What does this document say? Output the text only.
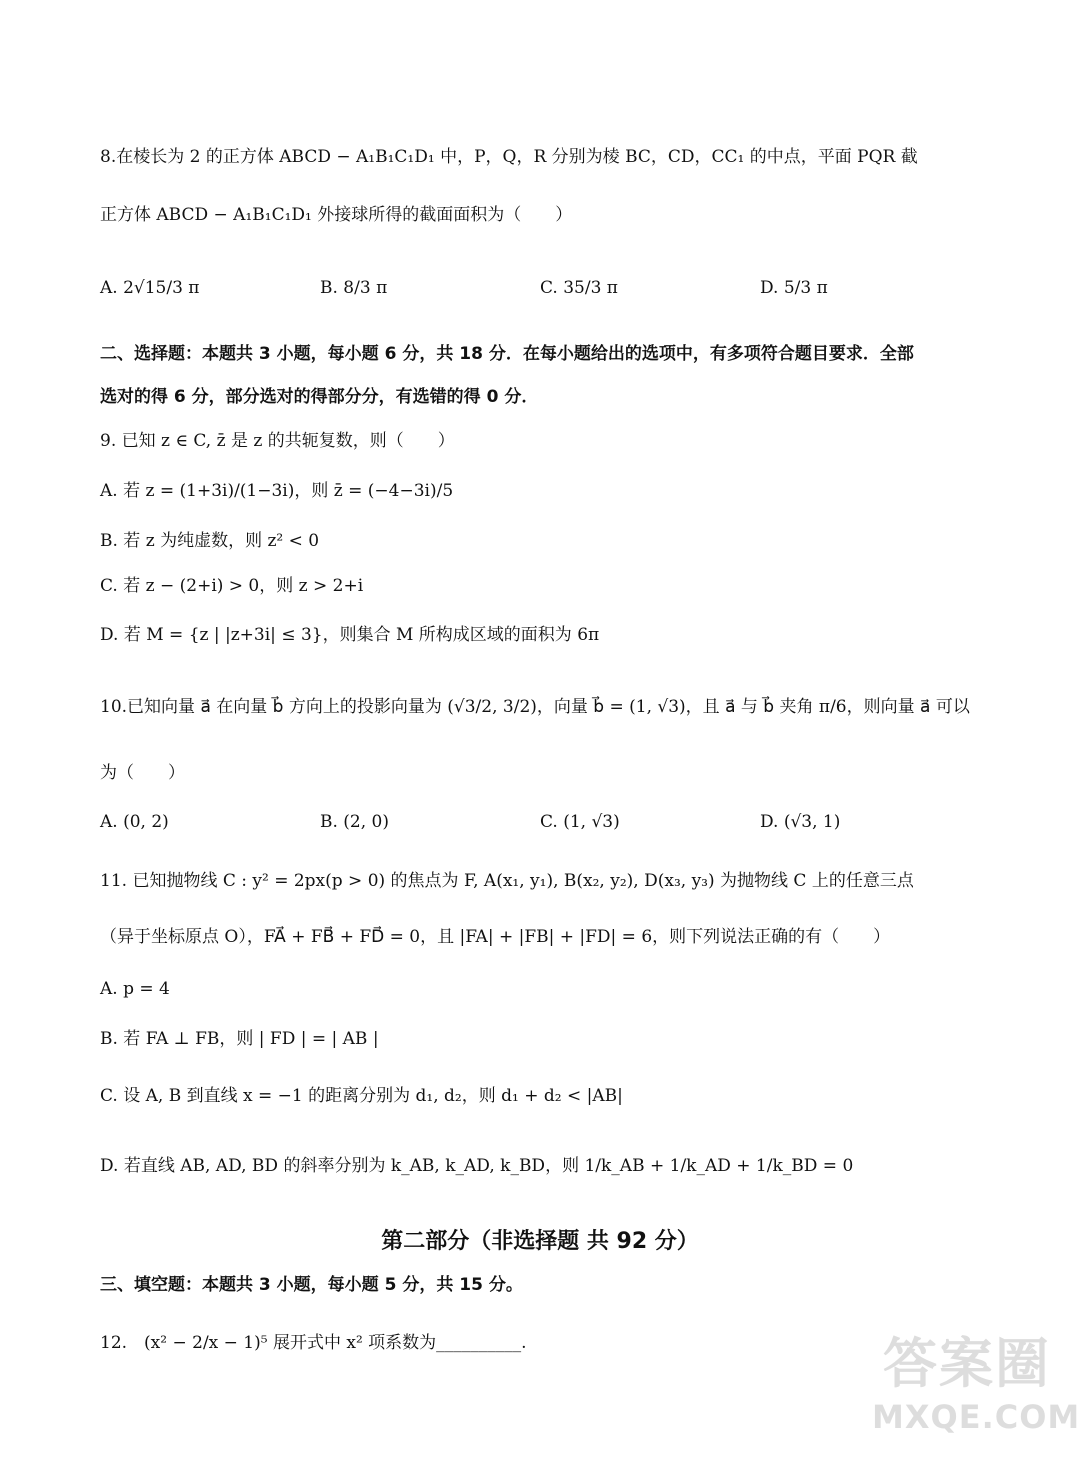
8.在棱长为 2 的正方体 ABCD − A₁B₁C₁D₁ 中，P，Q，R 分别为棱 BC，CD，CC₁ 的中点，平面 PQR 截
正方体 ABCD − A₁B₁C₁D₁ 外接球所得的截面面积为（　　）
A. 2√15/3 π	B. 8/3 π	C. 35/3 π	D. 5/3 π
二、选择题：本题共 3 小题，每小题 6 分，共 18 分．在每小题给出的选项中，有多项符合题目要求．全部
选对的得 6 分，部分选对的得部分分，有选错的得 0 分．
9. 已知 z ∈ C, z̄ 是 z 的共轭复数，则（　　）
A. 若 z = (1+3i)/(1−3i)，则 z̄ = (−4−3i)/5
B. 若 z 为纯虚数，则 z² < 0
C. 若 z − (2+i) > 0，则 z > 2+i
D. 若 M = {z | |z+3i| ≤ 3}，则集合 M 所构成区域的面积为 6π
10.已知向量 a⃗ 在向量 b⃗ 方向上的投影向量为 (√3/2, 3/2)，向量 b⃗ = (1, √3)，且 a⃗ 与 b⃗ 夹角 π/6，则向量 a⃗ 可以
为（　　）
A. (0, 2)	B. (2, 0)	C. (1, √3)	D. (√3, 1)
11. 已知抛物线 C : y² = 2px(p > 0) 的焦点为 F, A(x₁, y₁), B(x₂, y₂), D(x₃, y₃) 为抛物线 C 上的任意三点
（异于坐标原点 O），FA⃗ + FB⃗ + FD⃗ = 0，且 |FA| + |FB| + |FD| = 6，则下列说法正确的有（　　）
A. p = 4
B. 若 FA ⊥ FB，则 | FD | = | AB |
C. 设 A, B 到直线 x = −1 的距离分别为 d₁, d₂，则 d₁ + d₂ < |AB|
D. 若直线 AB, AD, BD 的斜率分别为 k_AB, k_AD, k_BD，则 1/k_AB + 1/k_AD + 1/k_BD = 0
第二部分（非选择题 共 92 分）
三、填空题：本题共 3 小题，每小题 5 分，共 15 分。
12.　(x² − 2/x − 1)⁵ 展开式中 x² 项系数为__________.	答案圈
MXQE.COM
